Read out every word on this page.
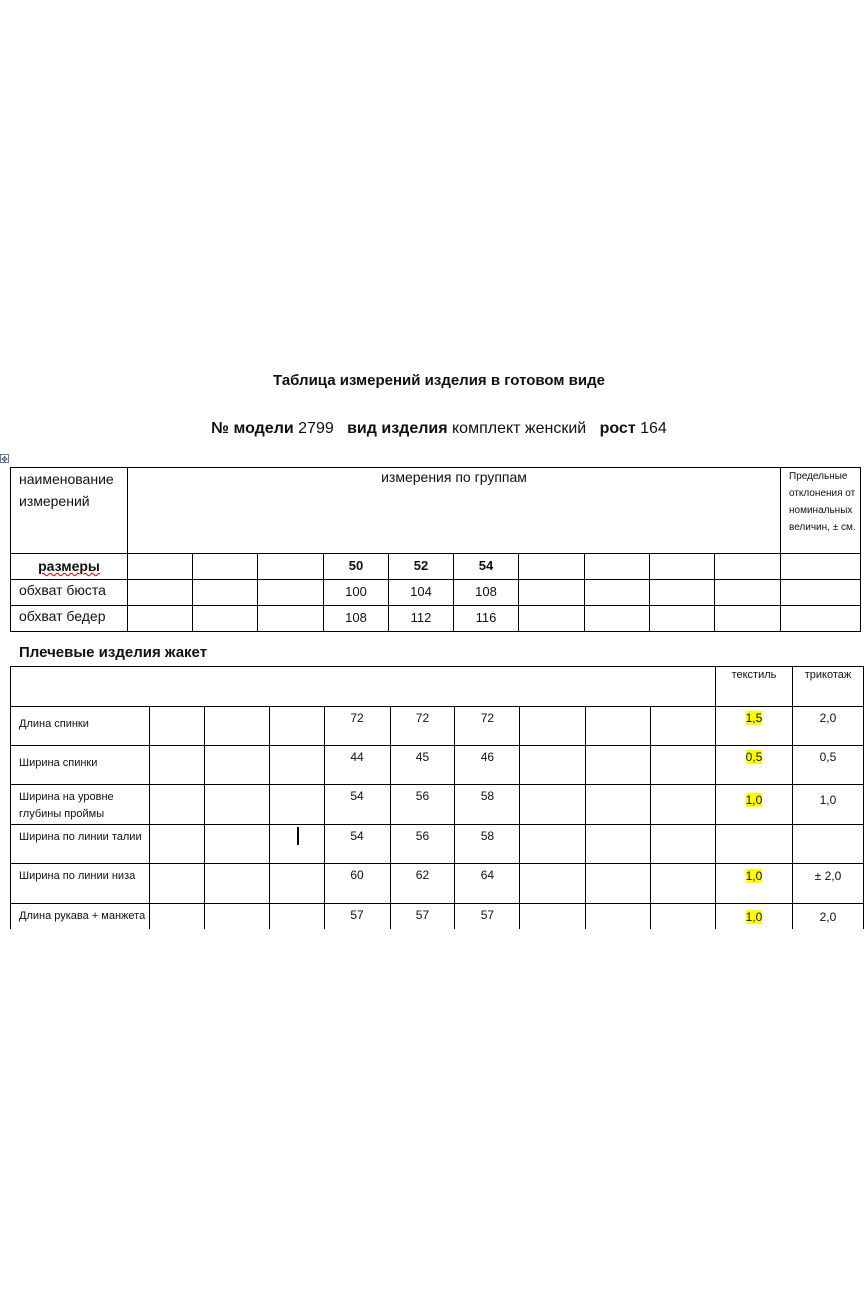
Таблица измерений изделия в готовом виде
№ модели 2799 вид изделия комплект женский рост 164
✥
наименование измерений	измерения по группам										Предельные отклонения от номинальных величин, ± см.
размеры				50	52	54					
обхват бюста				100	104	108					
обхват бедер				108	112	116					
Плечевые изделия жакет
										текстиль	трикотаж
Длина спинки				72	72	72				1,5	2,0
Ширина спинки				44	45	46				0,5	0,5
Ширина на уровне глубины проймы				54	56	58				1,0	1,0
Ширина по линии талии				54	56	58					
Ширина по линии низа				60	62	64				1,0	± 2,0
Длина рукава + манжета				57	57	57				1,0	2,0
